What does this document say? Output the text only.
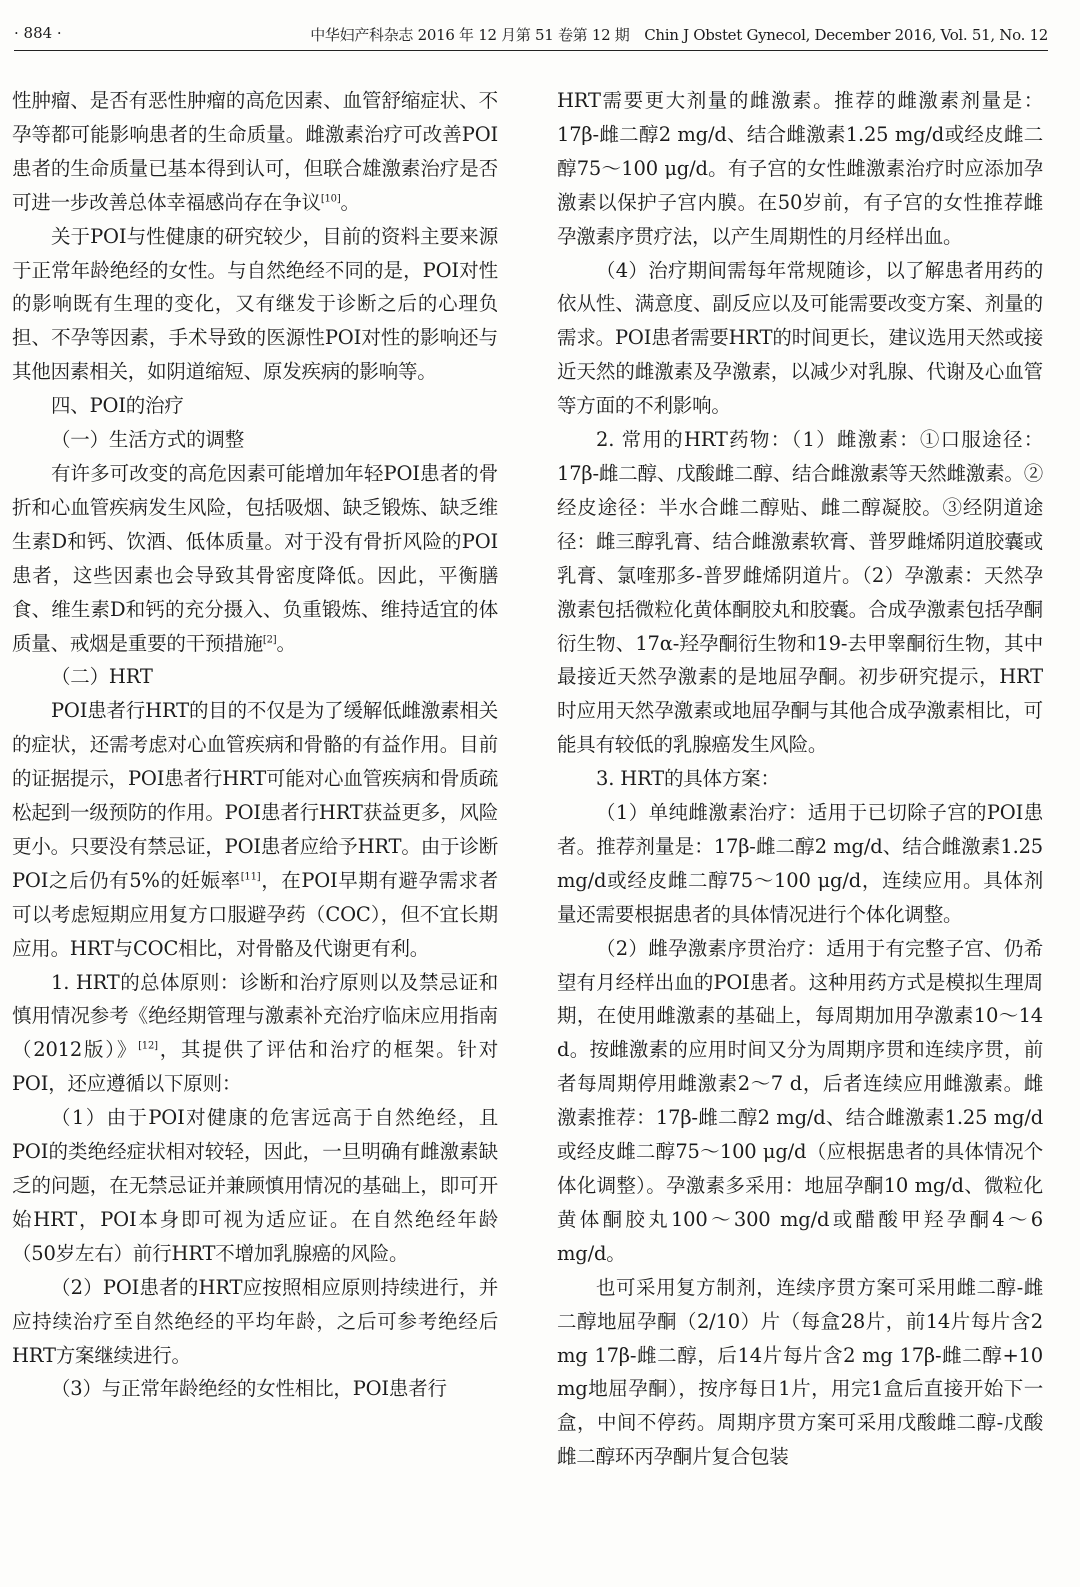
· 884 ·	中华妇产科杂志 2016 年 12 月第 51 卷第 12 期　Chin J Obstet Gynecol, December 2016, Vol. 51, No. 12

性肿瘤、是否有恶性肿瘤的高危因素、血管舒缩症状、不孕等都可能影响患者的生命质量。雌激素治疗可改善POI患者的生命质量已基本得到认可，但联合雄激素治疗是否可进一步改善总体幸福感尚存在争议[10]。

关于POI与性健康的研究较少，目前的资料主要来源于正常年龄绝经的女性。与自然绝经不同的是，POI对性的影响既有生理的变化，又有继发于诊断之后的心理负担、不孕等因素，手术导致的医源性POI对性的影响还与其他因素相关，如阴道缩短、原发疾病的影响等。

四、POI的治疗

（一）生活方式的调整

有许多可改变的高危因素可能增加年轻POI患者的骨折和心血管疾病发生风险，包括吸烟、缺乏锻炼、缺乏维生素D和钙、饮酒、低体质量。对于没有骨折风险的POI患者，这些因素也会导致其骨密度降低。因此，平衡膳食、维生素D和钙的充分摄入、负重锻炼、维持适宜的体质量、戒烟是重要的干预措施[2]。

（二）HRT

POI患者行HRT的目的不仅是为了缓解低雌激素相关的症状，还需考虑对心血管疾病和骨骼的有益作用。目前的证据提示，POI患者行HRT可能对心血管疾病和骨质疏松起到一级预防的作用。POI患者行HRT获益更多，风险更小。只要没有禁忌证，POI患者应给予HRT。由于诊断POI之后仍有5%的妊娠率[11]，在POI早期有避孕需求者可以考虑短期应用复方口服避孕药（COC），但不宜长期应用。HRT与COC相比，对骨骼及代谢更有利。

1. HRT的总体原则：诊断和治疗原则以及禁忌证和慎用情况参考《绝经期管理与激素补充治疗临床应用指南（2012版）》[12]，其提供了评估和治疗的框架。针对POI，还应遵循以下原则：

（1）由于POI对健康的危害远高于自然绝经，且POI的类绝经症状相对较轻，因此，一旦明确有雌激素缺乏的问题，在无禁忌证并兼顾慎用情况的基础上，即可开始HRT，POI本身即可视为适应证。在自然绝经年龄（50岁左右）前行HRT不增加乳腺癌的风险。

（2）POI患者的HRT应按照相应原则持续进行，并应持续治疗至自然绝经的平均年龄，之后可参考绝经后HRT方案继续进行。

（3）与正常年龄绝经的女性相比，POI患者行

HRT需要更大剂量的雌激素。推荐的雌激素剂量是：17β-雌二醇2 mg/d、结合雌激素1.25 mg/d或经皮雌二醇75～100 μg/d。有子宫的女性雌激素治疗时应添加孕激素以保护子宫内膜。在50岁前，有子宫的女性推荐雌孕激素序贯疗法，以产生周期性的月经样出血。

（4）治疗期间需每年常规随诊，以了解患者用药的依从性、满意度、副反应以及可能需要改变方案、剂量的需求。POI患者需要HRT的时间更长，建议选用天然或接近天然的雌激素及孕激素，以减少对乳腺、代谢及心血管等方面的不利影响。

2. 常用的HRT药物：（1）雌激素：①口服途径：17β-雌二醇、戊酸雌二醇、结合雌激素等天然雌激素。②经皮途径：半水合雌二醇贴、雌二醇凝胶。③经阴道途径：雌三醇乳膏、结合雌激素软膏、普罗雌烯阴道胶囊或乳膏、氯喹那多-普罗雌烯阴道片。（2）孕激素：天然孕激素包括微粒化黄体酮胶丸和胶囊。合成孕激素包括孕酮衍生物、17α-羟孕酮衍生物和19-去甲睾酮衍生物，其中最接近天然孕激素的是地屈孕酮。初步研究提示，HRT时应用天然孕激素或地屈孕酮与其他合成孕激素相比，可能具有较低的乳腺癌发生风险。

3. HRT的具体方案：

（1）单纯雌激素治疗：适用于已切除子宫的POI患者。推荐剂量是：17β-雌二醇2 mg/d、结合雌激素1.25 mg/d或经皮雌二醇75～100 μg/d，连续应用。具体剂量还需要根据患者的具体情况进行个体化调整。

（2）雌孕激素序贯治疗：适用于有完整子宫、仍希望有月经样出血的POI患者。这种用药方式是模拟生理周期，在使用雌激素的基础上，每周期加用孕激素10～14 d。按雌激素的应用时间又分为周期序贯和连续序贯，前者每周期停用雌激素2～7 d，后者连续应用雌激素。雌激素推荐：17β-雌二醇2 mg/d、结合雌激素1.25 mg/d或经皮雌二醇75～100 μg/d（应根据患者的具体情况个体化调整）。孕激素多采用：地屈孕酮10 mg/d、微粒化黄体酮胶丸100～300 mg/d或醋酸甲羟孕酮4～6 mg/d。

也可采用复方制剂，连续序贯方案可采用雌二醇-雌二醇地屈孕酮（2/10）片（每盒28片，前14片每片含2 mg 17β-雌二醇，后14片每片含2 mg 17β-雌二醇+10 mg地屈孕酮），按序每日1片，用完1盒后直接开始下一盒，中间不停药。周期序贯方案可采用戊酸雌二醇-戊酸雌二醇环丙孕酮片复合包装
